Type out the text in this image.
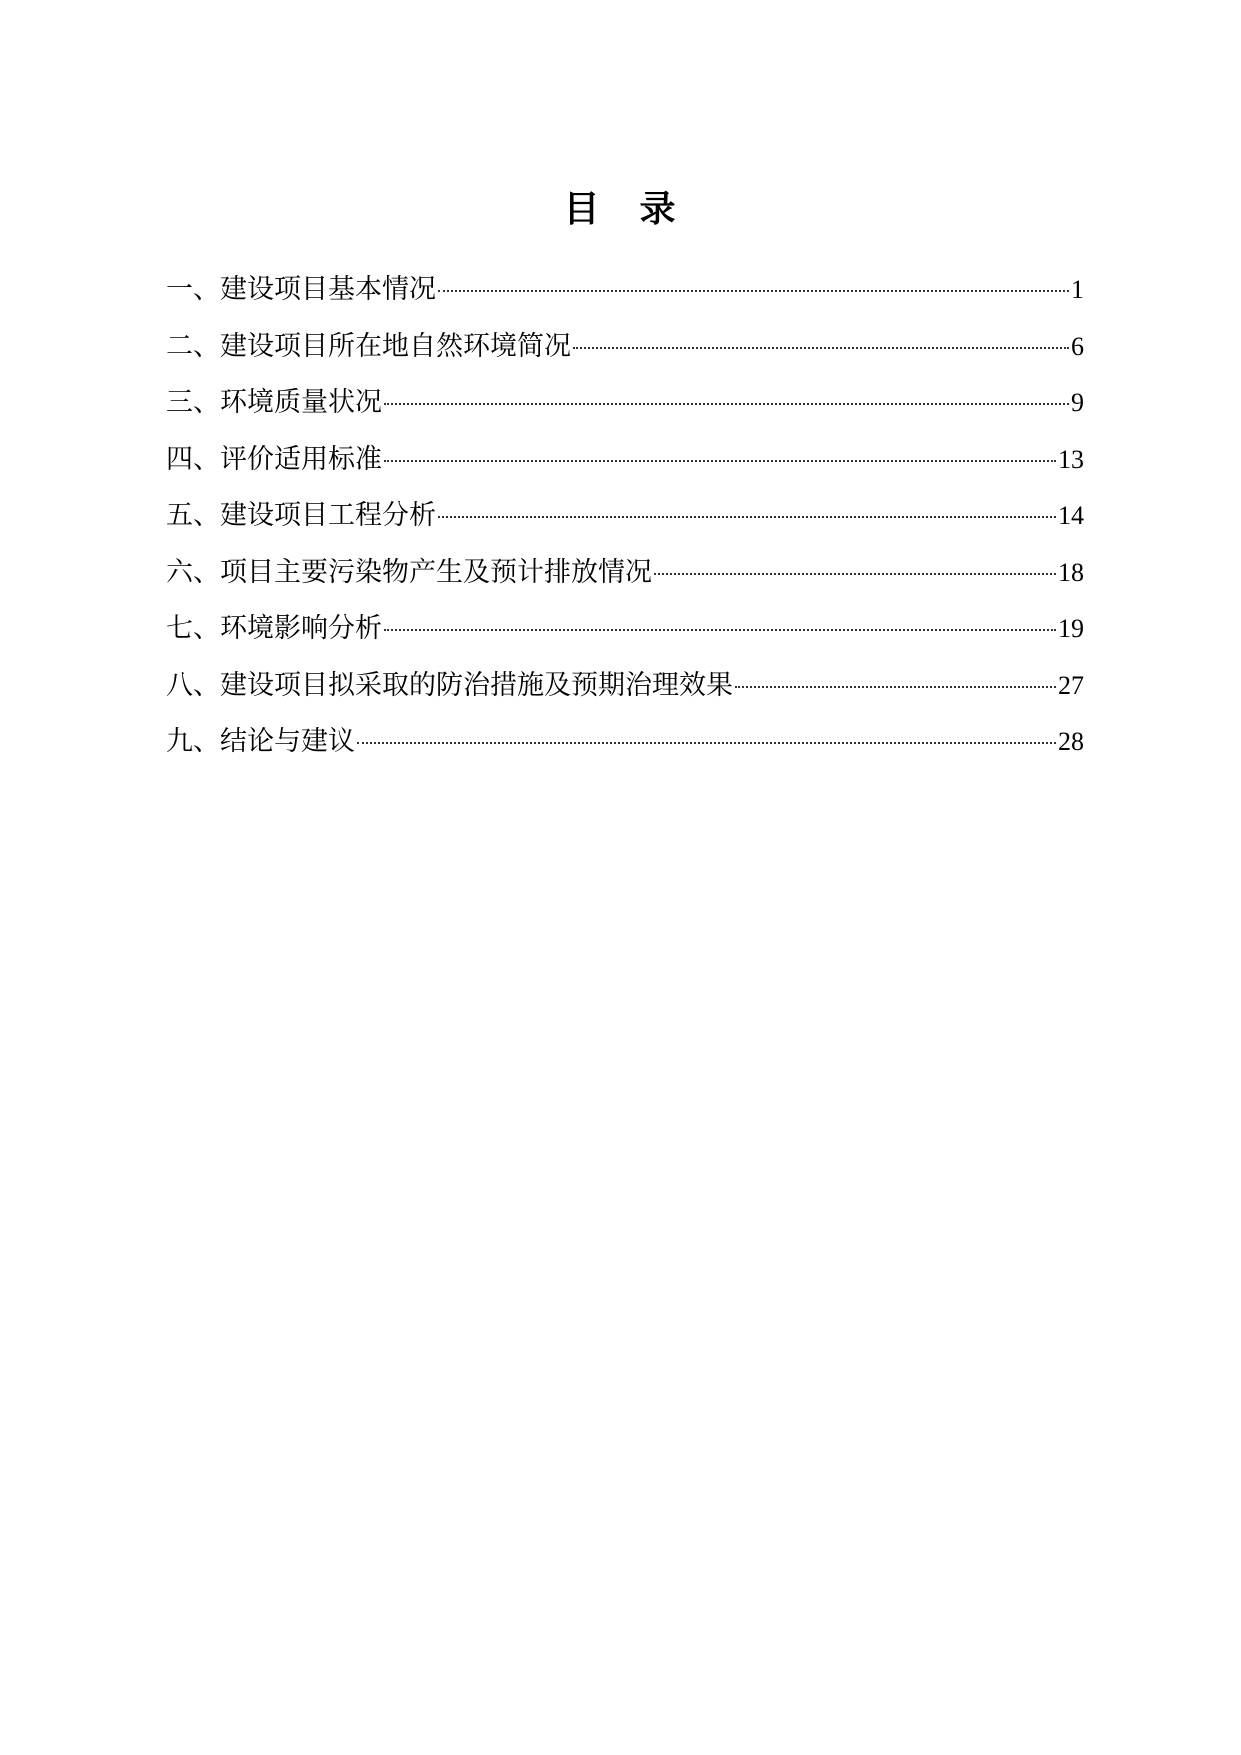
目　录
一、建设项目基本情况	1
二、建设项目所在地自然环境简况	6
三、环境质量状况	9
四、评价适用标准	13
五、建设项目工程分析	14
六、项目主要污染物产生及预计排放情况	18
七、环境影响分析	19
八、建设项目拟采取的防治措施及预期治理效果	27
九、结论与建议	28
